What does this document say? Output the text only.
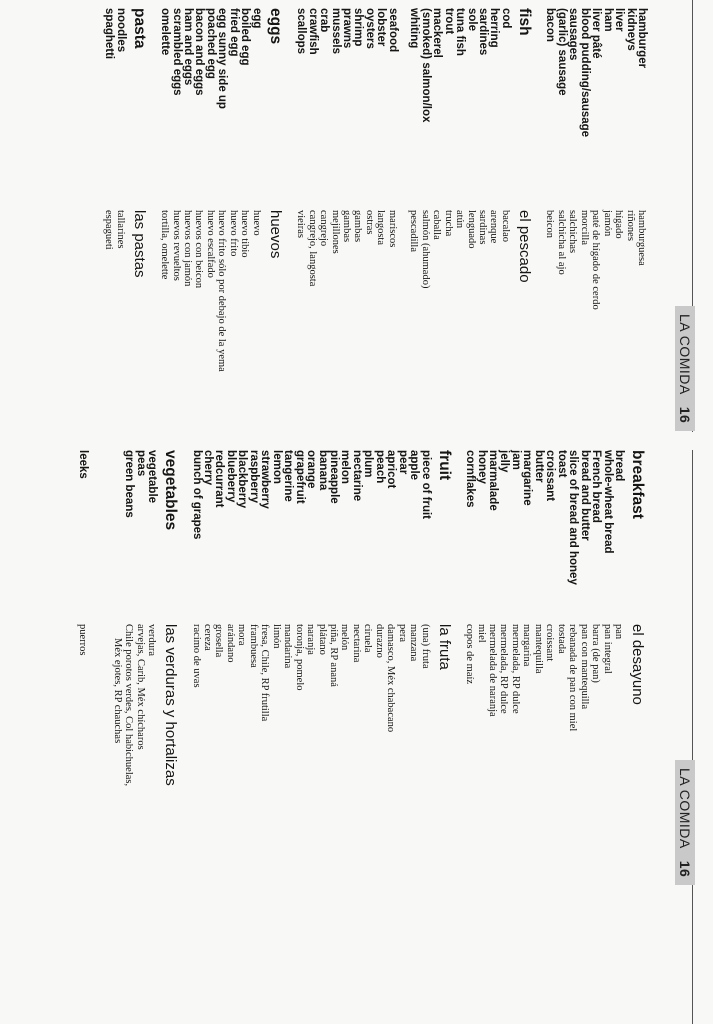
LA COMIDA16
LA COMIDA16
hamburger
kidneys
liver
ham
liver pâté
blood pudding/sausage
sausages
(garlic) sausage
bacon
fish
cod
herring
sardines
sole
tuna fish
trout
mackerel
(smoked) salmon/lox
whiting
seafood
lobster
oysters
shrimp
prawns
mussels
crab
crawfish
scallops
eggs
egg
boiled egg
fried egg
egg sunny side up
poached egg
bacon and eggs
ham and eggs
scrambled eggs
omelette
pasta
noodles
spaghetti
hamburguesa
riñones
hígado
jamón
paté de hígado de cerdo
morcilla
salchichas
salchicha al ajo
beicon
el pescado
bacalao
arenque
sardinas
lenguado
atún
trucha
caballa
salmón (ahumado)
pescadilla
mariscos
langosta
ostras
gambas
gambas
mejillones
cangrejo
cangrejo, langosta
vieiras
huevos
huevo
huevo tibio
huevo frito
huevo frito sólo por debajo de la yema
huevo escalfado
huevos con beicon
huevos con jamón
huevos revueltos
tortilla, omelette
las pastas
tallarines
espagueti
breakfast
bread
whole-wheat bread
French bread
bread and butter
slice of bread and honey
toast
croissant
butter
margarine
jam
jelly
marmalade
honey
cornflakes
fruit
piece of fruit
apple
pear
apricot
peach
plum
nectarine
melon
pineapple
banana
orange
grapefruit
tangerine
lemon
strawberry
raspberry
blackberry
blueberry
redcurrant
cherry
bunch of grapes
vegetables
vegetable
peas
green beans
leeks
el desayuno
pan
pan integral
barra (de pan)
pan con mantequilla
rebanada de pan con miel
tostada
croissant
mantequilla
margarina
mermelada, RP dulce
mermelada, RP dulce
mermelada de naranja
miel
copos de maíz
la fruta
(una) fruta
manzana
pera
damasco, Méx chabacano
durazno
ciruela
nectarina
melón
piña, RP ananá
plátano
naranja
toronja, pomelo
mandarina
limón
fresa, Chile, RP frutilla
frambuesa
mora
arándano
grosella
cereza
racimo de uvas
las verduras y hortalizas
verdura
arvejas, Carib, Méx chícharos
Chile porotos verdes, Col habichuelas,
Méx ejotes, RP chauchas
puerros
